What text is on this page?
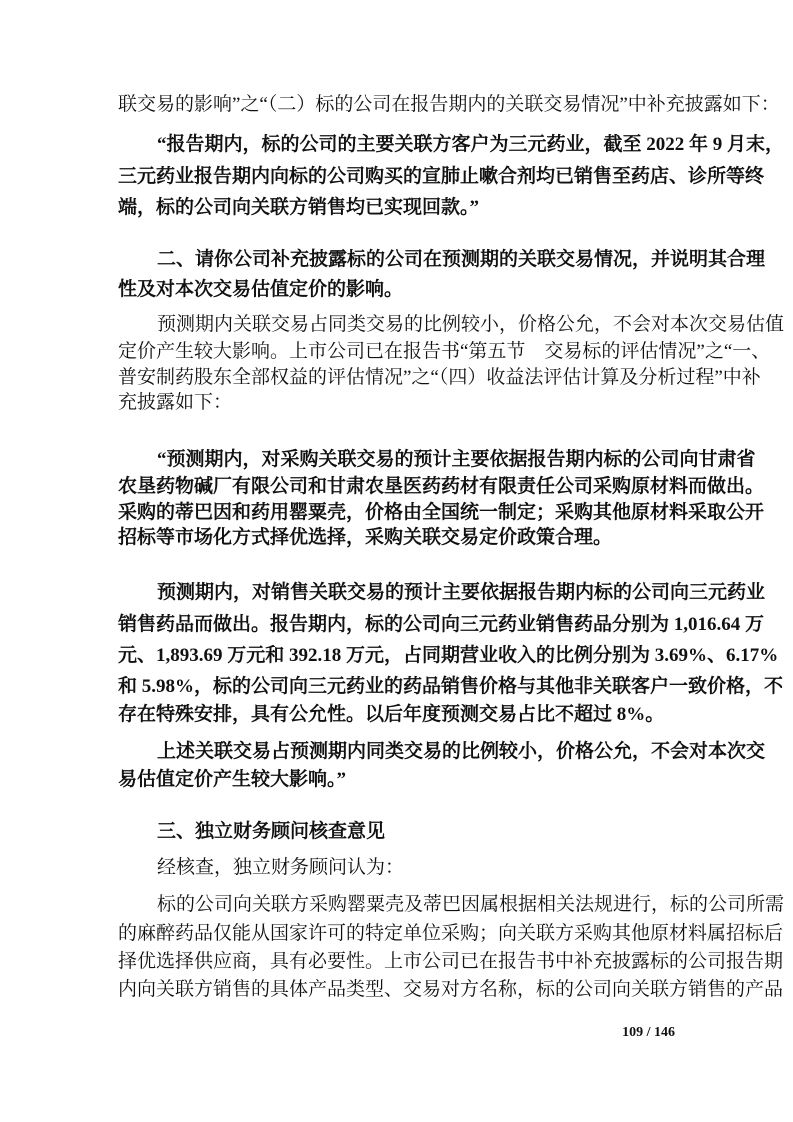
联交易的影响”之“（二）标的公司在报告期内的关联交易情况”中补充披露如下：
“报告期内，标的公司的主要关联方客户为三元药业，截至 2022 年 9 月末，
三元药业报告期内向标的公司购买的宣肺止嗽合剂均已销售至药店、诊所等终
端，标的公司向关联方销售均已实现回款。”
二、请你公司补充披露标的公司在预测期的关联交易情况，并说明其合理
性及对本次交易估值定价的影响。
预测期内关联交易占同类交易的比例较小，价格公允，不会对本次交易估值
定价产生较大影响。上市公司已在报告书“第五节　交易标的评估情况”之“一、
普安制药股东全部权益的评估情况”之“（四）收益法评估计算及分析过程”中补
充披露如下：
“预测期内，对采购关联交易的预计主要依据报告期内标的公司向甘肃省
农垦药物碱厂有限公司和甘肃农垦医药药材有限责任公司采购原材料而做出。
采购的蒂巴因和药用罂粟壳，价格由全国统一制定；采购其他原材料采取公开
招标等市场化方式择优选择，采购关联交易定价政策合理。
预测期内，对销售关联交易的预计主要依据报告期内标的公司向三元药业
销售药品而做出。报告期内，标的公司向三元药业销售药品分别为 1,016.64 万
元、1,893.69 万元和 392.18 万元，占同期营业收入的比例分别为 3.69%、6.17%
和 5.98%，标的公司向三元药业的药品销售价格与其他非关联客户一致价格，不
存在特殊安排，具有公允性。以后年度预测交易占比不超过 8%。
上述关联交易占预测期内同类交易的比例较小，价格公允，不会对本次交
易估值定价产生较大影响。”
三、独立财务顾问核查意见
经核查，独立财务顾问认为：
标的公司向关联方采购罂粟壳及蒂巴因属根据相关法规进行，标的公司所需
的麻醉药品仅能从国家许可的特定单位采购；向关联方采购其他原材料属招标后
择优选择供应商，具有必要性。上市公司已在报告书中补充披露标的公司报告期
内向关联方销售的具体产品类型、交易对方名称，标的公司向关联方销售的产品
109 / 146
